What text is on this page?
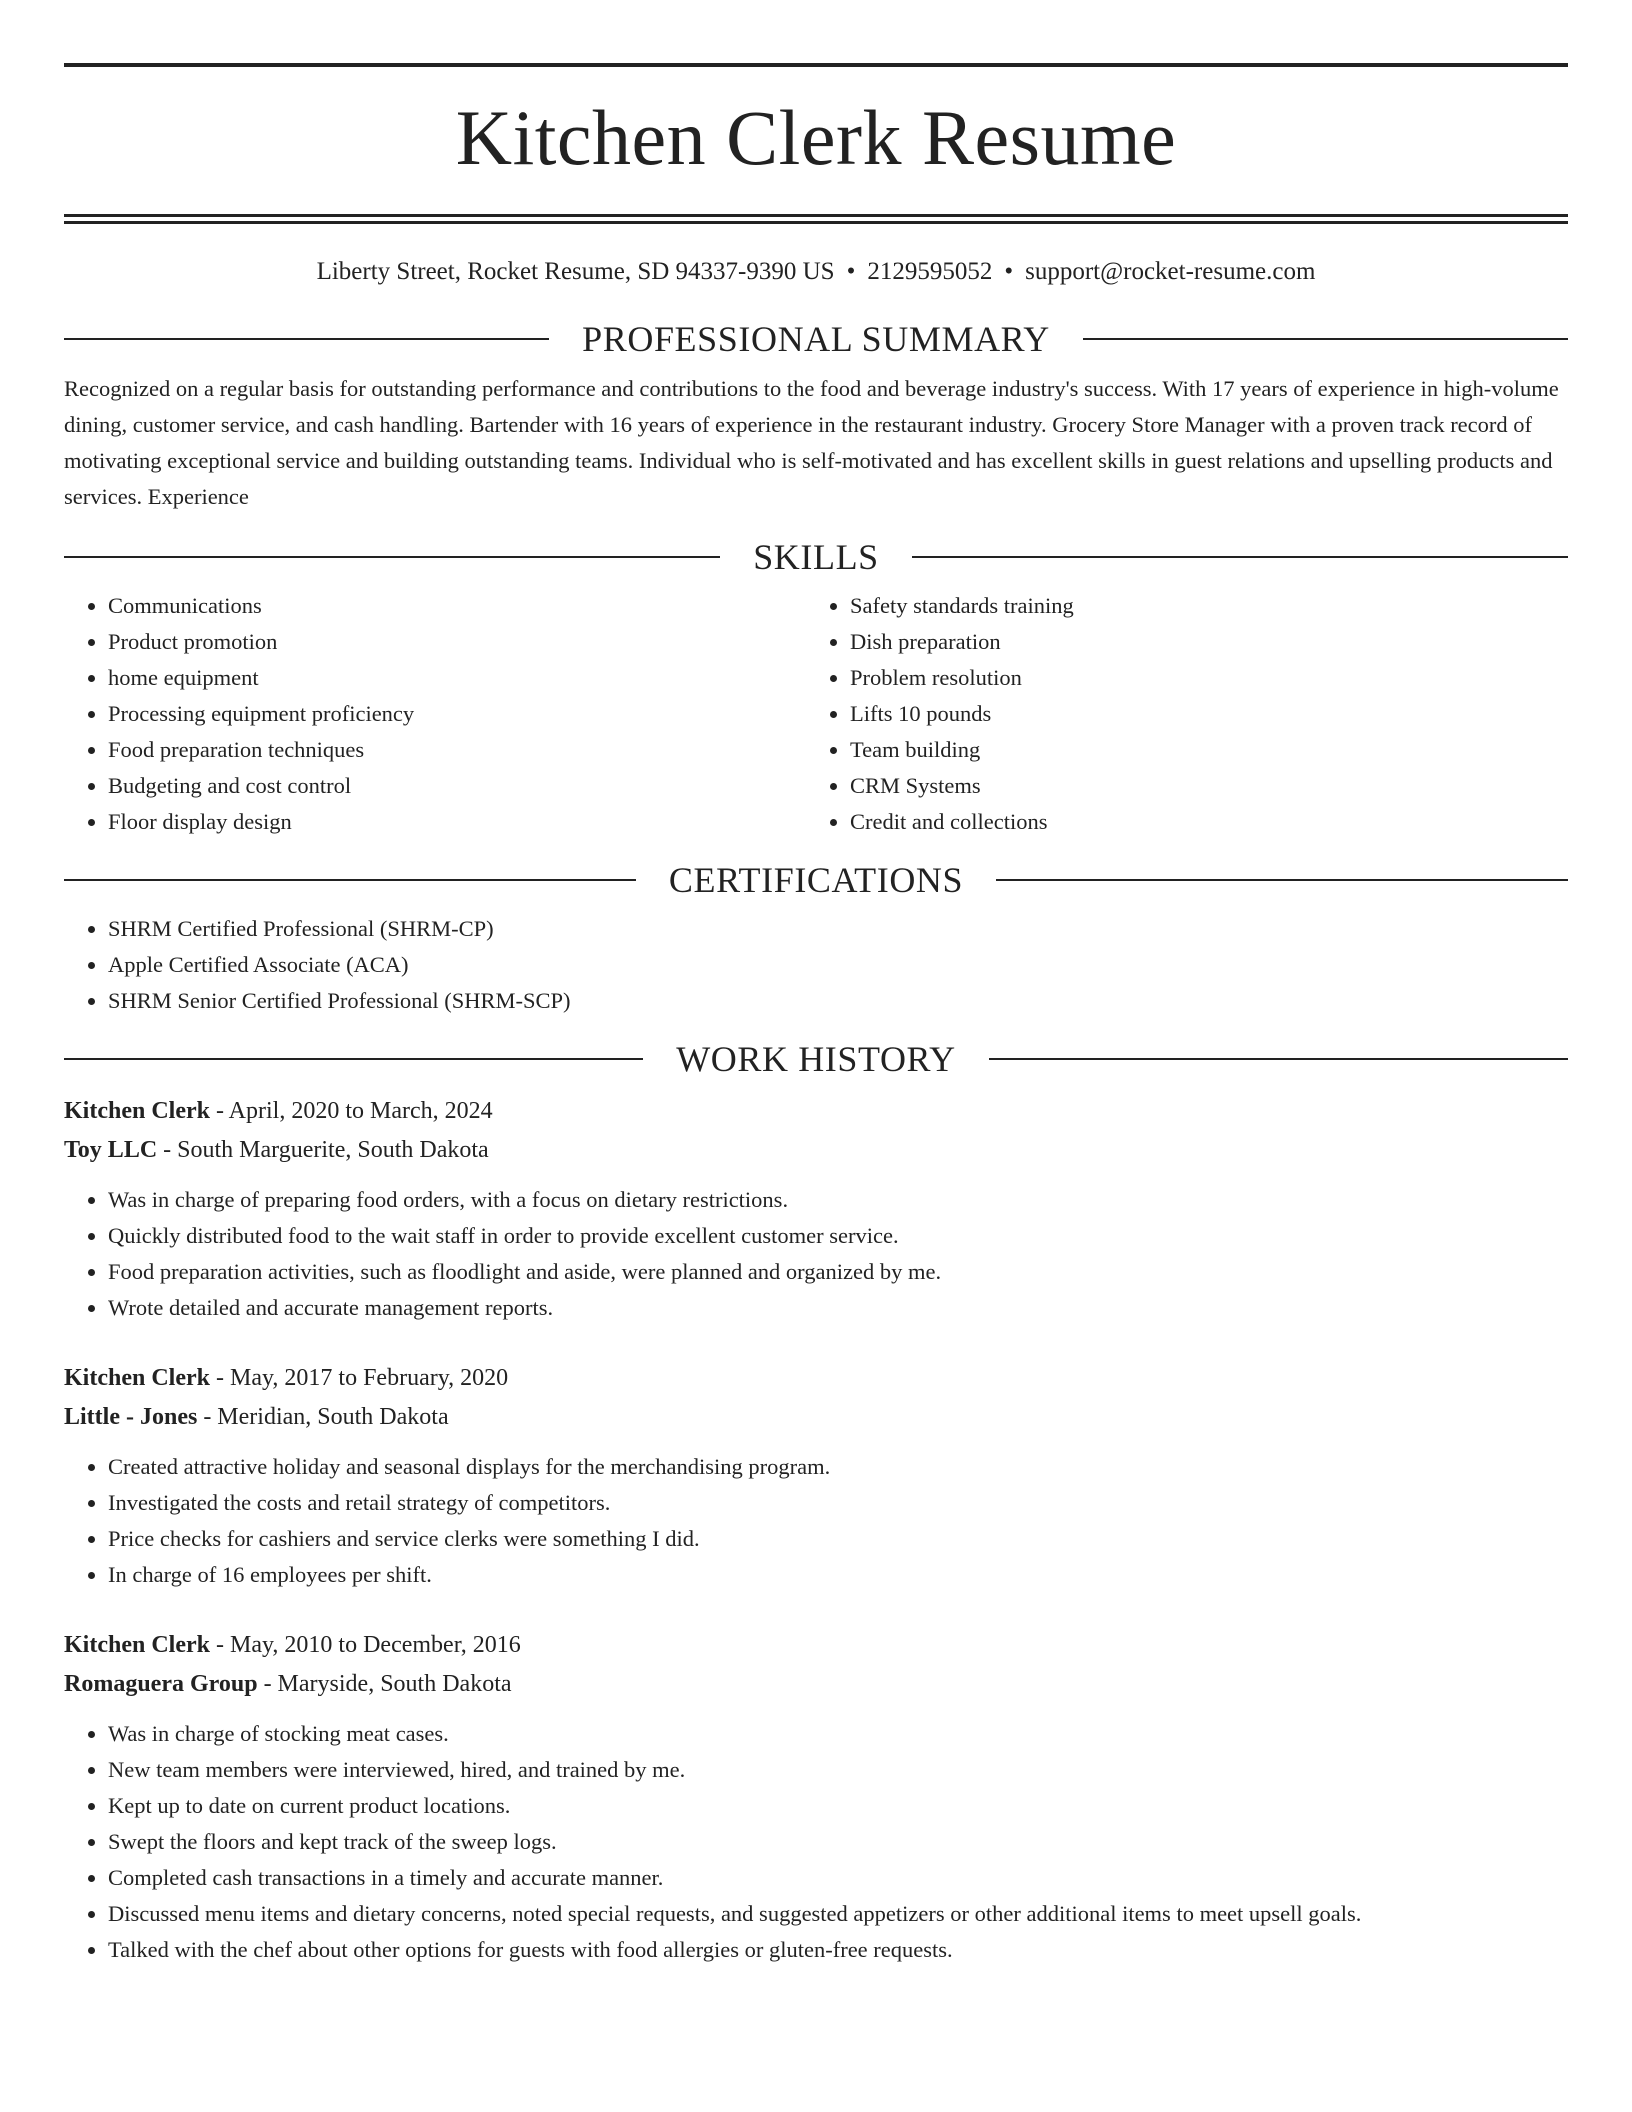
Kitchen Clerk Resume
Liberty Street, Rocket Resume, SD 94337-9390 US • 2129595052 • support@rocket-resume.com
PROFESSIONAL SUMMARY
Recognized on a regular basis for outstanding performance and contributions to the food and beverage industry's success. With 17 years of experience in high-volume dining, customer service, and cash handling. Bartender with 16 years of experience in the restaurant industry. Grocery Store Manager with a proven track record of motivating exceptional service and building outstanding teams. Individual who is self-motivated and has excellent skills in guest relations and upselling products and services. Experience
SKILLS
• Communications
• Product promotion
• home equipment
• Processing equipment proficiency
• Food preparation techniques
• Budgeting and cost control
• Floor display design
• Safety standards training
• Dish preparation
• Problem resolution
• Lifts 10 pounds
• Team building
• CRM Systems
• Credit and collections
CERTIFICATIONS
• SHRM Certified Professional (SHRM-CP)
• Apple Certified Associate (ACA)
• SHRM Senior Certified Professional (SHRM-SCP)
WORK HISTORY
Kitchen Clerk - April, 2020 to March, 2024
Toy LLC - South Marguerite, South Dakota
• Was in charge of preparing food orders, with a focus on dietary restrictions.
• Quickly distributed food to the wait staff in order to provide excellent customer service.
• Food preparation activities, such as floodlight and aside, were planned and organized by me.
• Wrote detailed and accurate management reports.
Kitchen Clerk - May, 2017 to February, 2020
Little - Jones - Meridian, South Dakota
• Created attractive holiday and seasonal displays for the merchandising program.
• Investigated the costs and retail strategy of competitors.
• Price checks for cashiers and service clerks were something I did.
• In charge of 16 employees per shift.
Kitchen Clerk - May, 2010 to December, 2016
Romaguera Group - Maryside, South Dakota
• Was in charge of stocking meat cases.
• New team members were interviewed, hired, and trained by me.
• Kept up to date on current product locations.
• Swept the floors and kept track of the sweep logs.
• Completed cash transactions in a timely and accurate manner.
• Discussed menu items and dietary concerns, noted special requests, and suggested appetizers or other additional items to meet upsell goals.
• Talked with the chef about other options for guests with food allergies or gluten-free requests.
